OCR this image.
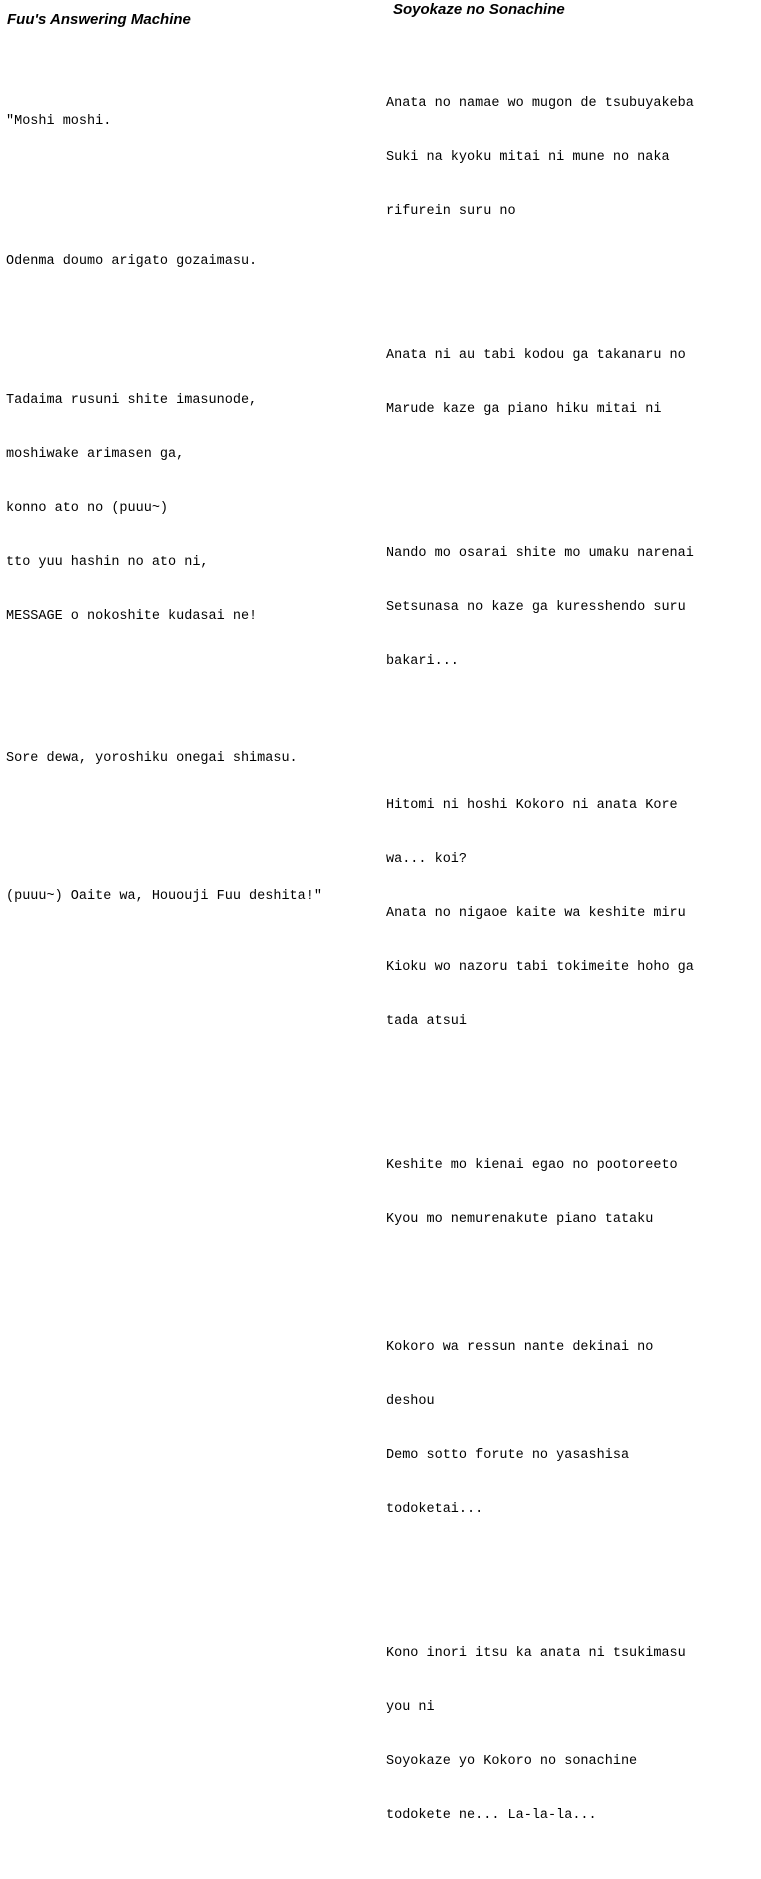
Fuu's Answering Machine
Soyokaze no Sonachine

"Moshi moshi.

Odenma doumo arigato gozaimasu.

Tadaima rusuni shite imasunode,

moshiwake arimasen ga,

konno ato no (puuu~)

tto yuu hashin no ato ni,

MESSAGE o nokoshite kudasai ne!

Sore dewa, yoroshiku onegai shimasu.

(puuu~) Oaite wa, Hououji Fuu deshita!"

Anata no namae wo mugon de tsubuyakeba

Suki na kyoku mitai ni mune no naka

rifurein suru no

Anata ni au tabi kodou ga takanaru no

Marude kaze ga piano hiku mitai ni

Nando mo osarai shite mo umaku narenai

Setsunasa no kaze ga kuresshendo suru

bakari...

Hitomi ni hoshi Kokoro ni anata Kore

wa... koi?

Anata no nigaoe kaite wa keshite miru

Kioku wo nazoru tabi tokimeite hoho ga

tada atsui

Keshite mo kienai egao no pootoreeto

Kyou mo nemurenakute piano tataku

Kokoro wa ressun nante dekinai no

deshou

Demo sotto forute no yasashisa

todoketai...

Kono inori itsu ka anata ni tsukimasu

you ni

Soyokaze yo Kokoro no sonachine

todokete ne... La-la-la...
